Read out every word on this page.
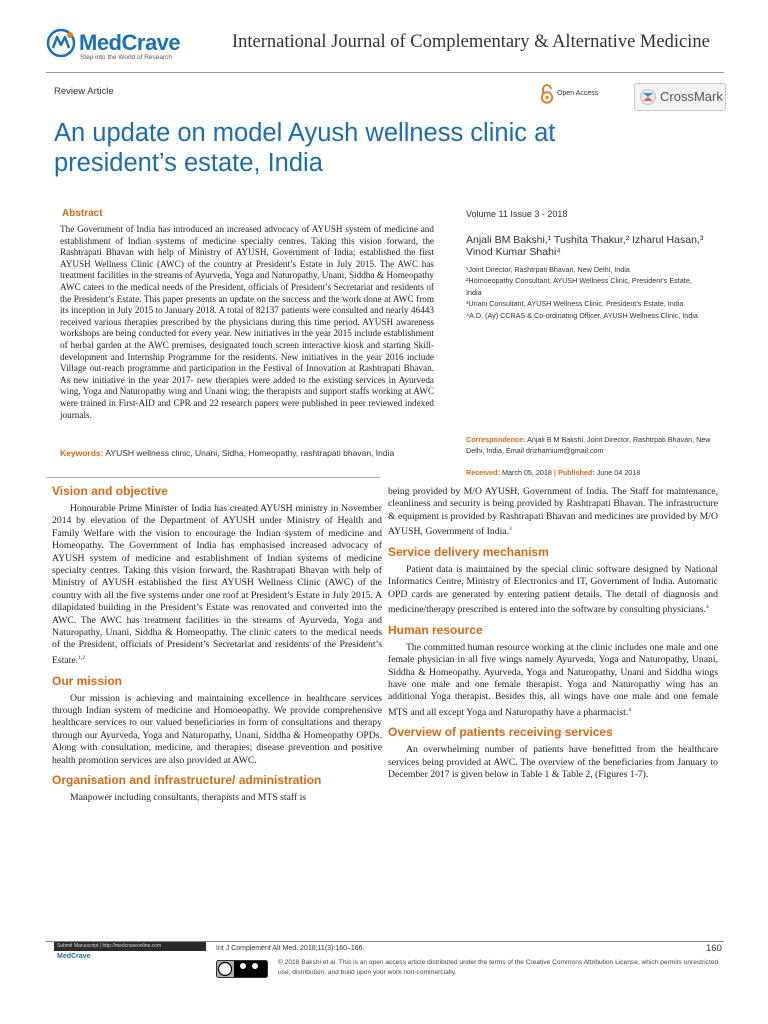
MedCrave
Step into the World of Research
International Journal of Complementary & Alternative Medicine
Review Article	Open Access	CrossMark
An update on model Ayush wellness clinic at president’s estate, India
Abstract

The Government of India has introduced an increased advocacy of AYUSH system of medicine and establishment of Indian systems of medicine specialty centres. Taking this vision forward, the Rashtrapati Bhavan with help of Ministry of AYUSH, Government of India; established the first AYUSH Wellness Clinic (AWC) of the country at President’s Estate in July 2015. The AWC has treatment facilities in the streams of Ayurveda, Yoga and Naturopathy, Unani, Siddha & Homeopathy AWC caters to the medical needs of the President, officials of President’s Secretariat and residents of the President’s Estate. This paper presents an update on the success and the work done at AWC from its inception in July 2015 to January 2018. A total of 82137 patients were consulted and nearly 46443 received various therapies prescribed by the physicians during this time period. AYUSH awareness workshops are being conducted for every year. New initiatives in the year 2015 include establishment of herbal garden at the AWC premises, designated touch screen interactive kiosk and starting Skill-development and Internship Programme for the residents. New initiatives in the year 2016 include Village out-reach programme and participation in the Festival of Innovation at Rashtrapati Bhavan. As new initiative in the year 2017- new therapies were added to the existing services in Ayurveda wing, Yoga and Naturopathy wing and Unani wing; the therapists and support staffs working at AWC were trained in First-AID and CPR and 22 research papers were published in peer reviewed indexed journals.

Keywords: AYUSH wellness clinic, Unani, Sidha, Homeopathy, rashtrapati bhavan, India
Volume 11 Issue 3 - 2018
Anjali BM Bakshi,¹ Tushita Thakur,² Izharul Hasan,³ Vinod Kumar Shahi⁴
¹Joint Director, Rashtrpati Bhavan, New Delhi, India
²Homoeopathy Consultant, AYUSH Wellness Clinic, President’s Estate, India
³Unani Consultant, AYUSH Wellness Clinic, President’s Estate, India
⁴A.D. (Ay) CCRAS & Co-ordinating Officer, AYUSH Wellness Clinic, India
Correspondence: Anjali B M Bakshi, Joint Director, Rashtrpati Bhavan, New Delhi, India, Email drizharnium@gmail.com
Received: March 05, 2018 | Published: June 04 2018
Vision and objective

Honourable Prime Minister of India has created AYUSH ministry in November 2014 by elevation of the Department of AYUSH under Ministry of Health and Family Welfare with the vision to encourage the Indian system of medicine and Homeopathy. The Government of India has emphasised increased advocacy of AYUSH system of medicine and establishment of Indian systems of medicine specialty centres. Taking this vision forward, the Rashtrapati Bhavan with help of Ministry of AYUSH established the first AYUSH Wellness Clinic (AWC) of the country with all the five systems under one roof at President’s Estate in July 2015. A dilapidated building in the President’s Estate was renovated and converted into the AWC. The AWC has treatment facilities in the streams of Ayurveda, Yoga and Naturopathy, Unani, Siddha & Homeopathy. The clinic caters to the medical needs of the President, officials of President’s Secretariat and residents of the President’s Estate.$^{1,2}$

Our mission

Our mission is achieving and maintaining excellence in healthcare services through Indian system of medicine and Homoeopathy. We provide comprehensive healthcare services to our valued beneficiaries in form of consultations and therapy through our Ayurveda, Yoga and Naturopathy, Unani, Siddha & Homeopathy OPDs. Along with consultation, medicine, and therapies; disease prevention and positive health promotion services are also provided at AWC.

Organisation and infrastructure/ administration

Manpower including consultants, therapists and MTS staff is

being provided by M/O AYUSH, Government of India. The Staff for maintenance, cleanliness and security is being provided by Rashtrapati Bhavan. The infrastructure & equipment is provided by Rashtrapati Bhavan and medicines are provided by M/O AYUSH, Government of India.$^3$

Service delivery mechanism

Patient data is maintained by the special clinic software designed by National Informatics Centre, Ministry of Electronics and IT, Government of India. Automatic OPD cards are generated by entering patient details. The detail of diagnosis and medicine/therapy prescribed is entered into the software by consulting physicians.$^4$

Human resource

The committed human resource working at the clinic includes one male and one female physician in all five wings namely Ayurveda, Yoga and Naturopathy, Unani, Siddha & Homeopathy. Ayurveda, Yoga and Naturopathy, Unani and Siddha wings have one male and one female therapist. Yoga and Naturopathy wing has an additional Yoga therapist. Besides this, all wings have one male and one female MTS and all except Yoga and Naturopathy have a pharmacist.$^4$

Overview of patients receiving services

An overwhelming number of patients have benefitted from the healthcare services being provided at AWC. The overview of the beneficiaries from January to December 2017 is given below in Table 1 & Table 2, (Figures 1-7).

Submit Manuscript | http://medcraveonline.com
MedCrave
Int J Complement Alt Med. 2018;11(3):160‒166.	160

© 2018 Bakshi et al. This is an open access article distributed under the terms of the Creative Commons Attribution License, which permits unrestricted use, distribution, and build upon your work non-commercially.
